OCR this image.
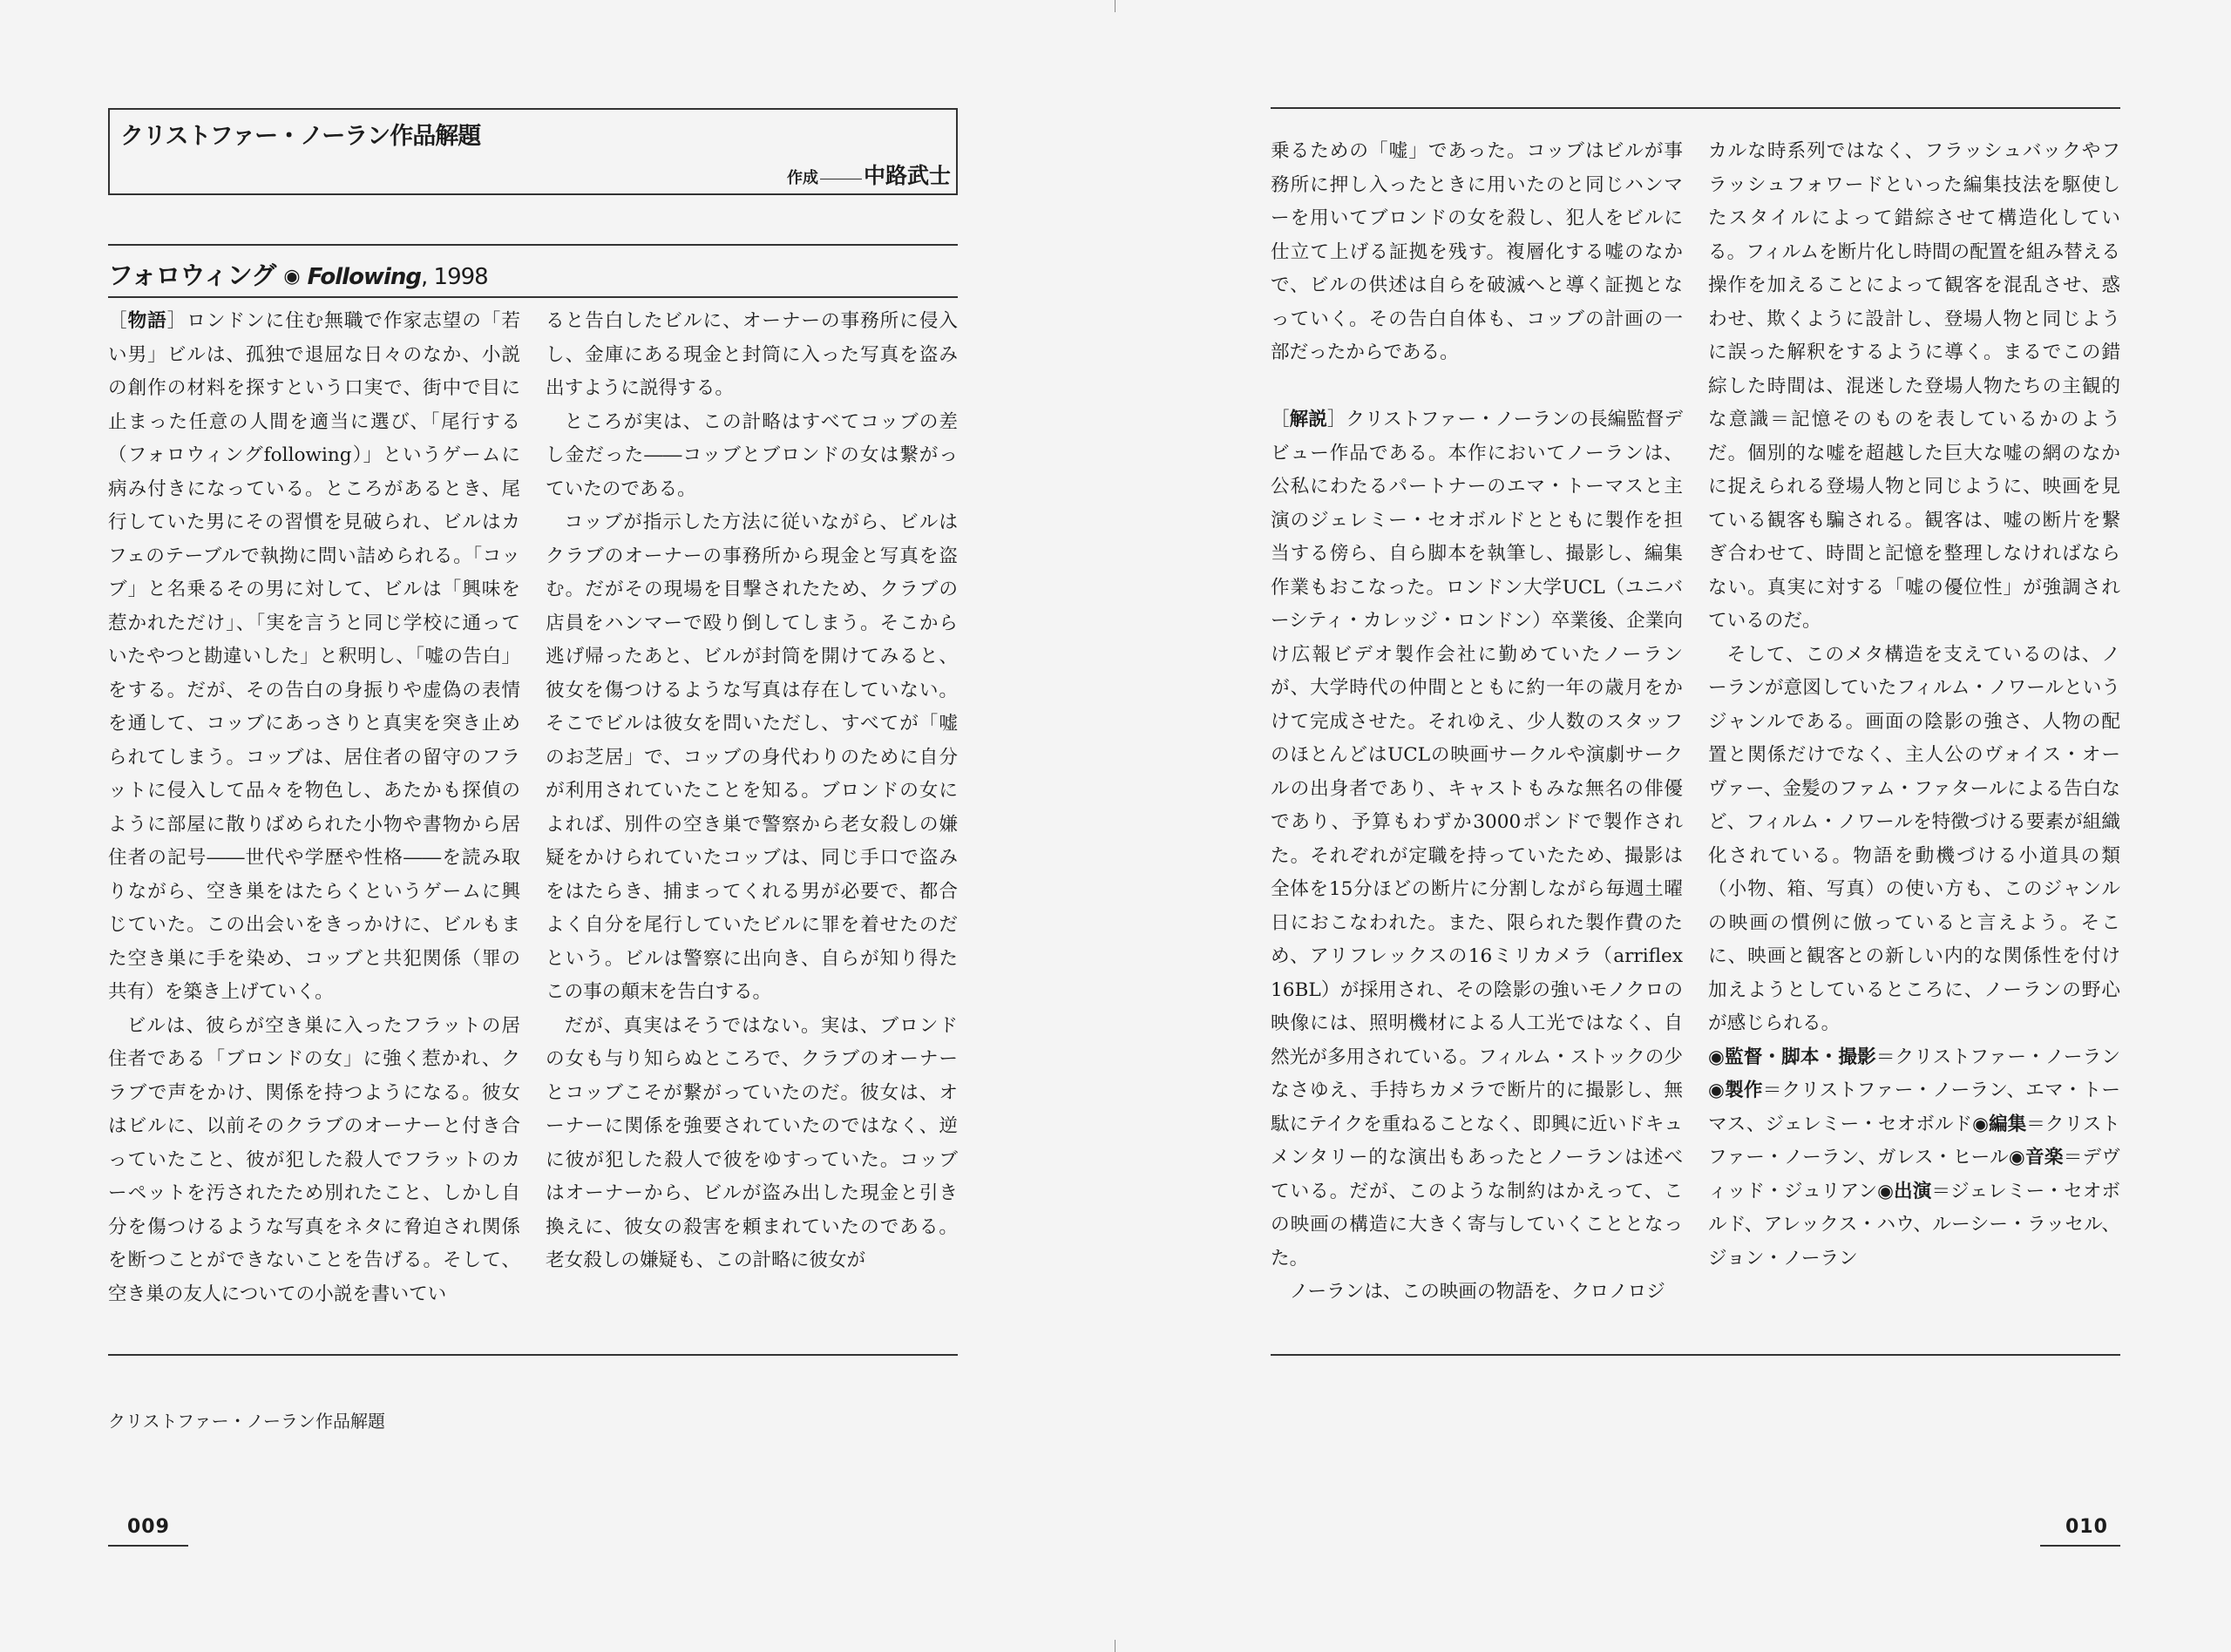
クリストファー・ノーラン作品解題
作成 中路武士
フォロウィング ◉ Following, 1998

［物語］ロンドンに住む無職で作家志望の「若い男」ビルは、孤独で退屈な日々のなか、小説の創作の材料を探すという口実で、街中で目に止まった任意の人間を適当に選び、「尾行する（フォロウィングfollowing）」というゲームに病み付きになっている。ところがあるとき、尾行していた男にその習慣を見破られ、ビルはカフェのテーブルで執拗に問い詰められる。「コッブ」と名乗るその男に対して、ビルは「興味を惹かれただけ」、「実を言うと同じ学校に通っていたやつと勘違いした」と釈明し、「嘘の告白」をする。だが、その告白の身振りや虚偽の表情を通して、コッブにあっさりと真実を突き止められてしまう。コッブは、居住者の留守のフラットに侵入して品々を物色し、あたかも探偵のように部屋に散りばめられた小物や書物から居住者の記号――世代や学歴や性格――を読み取りながら、空き巣をはたらくというゲームに興じていた。この出会いをきっかけに、ビルもまた空き巣に手を染め、コッブと共犯関係（罪の共有）を築き上げていく。

ビルは、彼らが空き巣に入ったフラットの居住者である「ブロンドの女」に強く惹かれ、クラブで声をかけ、関係を持つようになる。彼女はビルに、以前そのクラブのオーナーと付き合っていたこと、彼が犯した殺人でフラットのカーペットを汚されたため別れたこと、しかし自分を傷つけるような写真をネタに脅迫され関係を断つことができないことを告げる。そして、空き巣の友人についての小説を書いてい

ると告白したビルに、オーナーの事務所に侵入し、金庫にある現金と封筒に入った写真を盗み出すように説得する。

ところが実は、この計略はすべてコッブの差し金だった――コッブとブロンドの女は繋がっていたのである。

コッブが指示した方法に従いながら、ビルはクラブのオーナーの事務所から現金と写真を盗む。だがその現場を目撃されたため、クラブの店員をハンマーで殴り倒してしまう。そこから逃げ帰ったあと、ビルが封筒を開けてみると、彼女を傷つけるような写真は存在していない。そこでビルは彼女を問いただし、すべてが「嘘のお芝居」で、コッブの身代わりのために自分が利用されていたことを知る。ブロンドの女によれば、別件の空き巣で警察から老女殺しの嫌疑をかけられていたコッブは、同じ手口で盗みをはたらき、捕まってくれる男が必要で、都合よく自分を尾行していたビルに罪を着せたのだという。ビルは警察に出向き、自らが知り得たこの事の顛末を告白する。

だが、真実はそうではない。実は、ブロンドの女も与り知らぬところで、クラブのオーナーとコッブこそが繋がっていたのだ。彼女は、オーナーに関係を強要されていたのではなく、逆に彼が犯した殺人で彼をゆすっていた。コッブはオーナーから、ビルが盗み出した現金と引き換えに、彼女の殺害を頼まれていたのである。老女殺しの嫌疑も、この計略に彼女が

クリストファー・ノーラン作品解題
009

乗るための「嘘」であった。コッブはビルが事務所に押し入ったときに用いたのと同じハンマーを用いてブロンドの女を殺し、犯人をビルに仕立て上げる証拠を残す。複層化する嘘のなかで、ビルの供述は自らを破滅へと導く証拠となっていく。その告白自体も、コッブの計画の一部だったからである。

［解説］クリストファー・ノーランの長編監督デビュー作品である。本作においてノーランは、公私にわたるパートナーのエマ・トーマスと主演のジェレミー・セオボルドとともに製作を担当する傍ら、自ら脚本を執筆し、撮影し、編集作業もおこなった。ロンドン大学UCL（ユニバーシティ・カレッジ・ロンドン）卒業後、企業向け広報ビデオ製作会社に勤めていたノーランが、大学時代の仲間とともに約一年の歳月をかけて完成させた。それゆえ、少人数のスタッフのほとんどはUCLの映画サークルや演劇サークルの出身者であり、キャストもみな無名の俳優であり、予算もわずか3000ポンドで製作された。それぞれが定職を持っていたため、撮影は全体を15分ほどの断片に分割しながら毎週土曜日におこなわれた。また、限られた製作費のため、アリフレックスの16ミリカメラ（arriflex 16BL）が採用され、その陰影の強いモノクロの映像には、照明機材による人工光ではなく、自然光が多用されている。フィルム・ストックの少なさゆえ、手持ちカメラで断片的に撮影し、無駄にテイクを重ねることなく、即興に近いドキュメンタリー的な演出もあったとノーランは述べている。だが、このような制約はかえって、この映画の構造に大きく寄与していくこととなった。

ノーランは、この映画の物語を、クロノロジ

カルな時系列ではなく、フラッシュバックやフラッシュフォワードといった編集技法を駆使したスタイルによって錯綜させて構造化している。フィルムを断片化し時間の配置を組み替える操作を加えることによって観客を混乱させ、惑わせ、欺くように設計し、登場人物と同じように誤った解釈をするように導く。まるでこの錯綜した時間は、混迷した登場人物たちの主観的な意識＝記憶そのものを表しているかのようだ。個別的な嘘を超越した巨大な嘘の網のなかに捉えられる登場人物と同じように、映画を見ている観客も騙される。観客は、嘘の断片を繋ぎ合わせて、時間と記憶を整理しなければならない。真実に対する「嘘の優位性」が強調されているのだ。

そして、このメタ構造を支えているのは、ノーランが意図していたフィルム・ノワールというジャンルである。画面の陰影の強さ、人物の配置と関係だけでなく、主人公のヴォイス・オーヴァー、金髪のファム・ファタールによる告白など、フィルム・ノワールを特徴づける要素が組織化されている。物語を動機づける小道具の類（小物、箱、写真）の使い方も、このジャンルの映画の慣例に倣っていると言えよう。そこに、映画と観客との新しい内的な関係性を付け加えようとしているところに、ノーランの野心が感じられる。

◉監督・脚本・撮影＝クリストファー・ノーラン◉製作＝クリストファー・ノーラン、エマ・トーマス、ジェレミー・セオボルド◉編集＝クリストファー・ノーラン、ガレス・ヒール◉音楽＝デヴィッド・ジュリアン◉出演＝ジェレミー・セオボルド、アレックス・ハウ、ルーシー・ラッセル、ジョン・ノーラン

010
